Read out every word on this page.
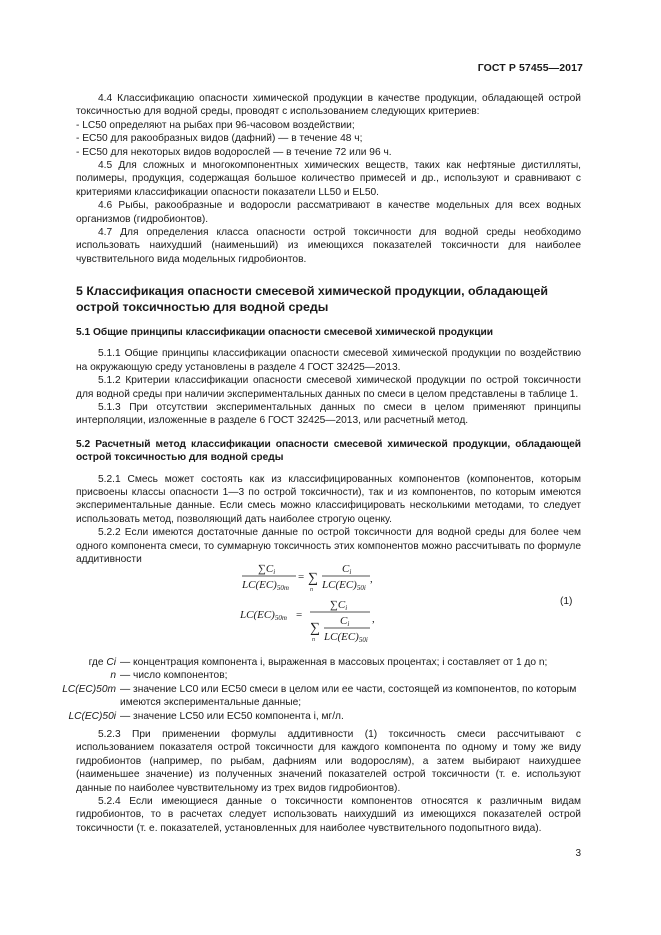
ГОСТ Р 57455—2017

4.4 Классификацию опасности химической продукции в качестве продукции, обладающей острой токсичностью для водной среды, проводят с использованием следующих критериев:

- LC50 определяют на рыбах при 96-часовом воздействии;

- EC50 для ракообразных видов (дафний) — в течение 48 ч;

- EC50 для некоторых видов водорослей — в течение 72 или 96 ч.

4.5 Для сложных и многокомпонентных химических веществ, таких как нефтяные дистилляты, полимеры, продукция, содержащая большое количество примесей и др., используют и сравнивают с критериями классификации опасности показатели LL50 и EL50.

4.6 Рыбы, ракообразные и водоросли рассматривают в качестве модельных для всех водных организмов (гидробионтов).

4.7 Для определения класса опасности острой токсичности для водной среды необходимо использовать наихудший (наименьший) из имеющихся показателей токсичности для наиболее чувствительного вида модельных гидробионтов.

5 Классификация опасности смесевой химической продукции, обладающей острой токсичностью для водной среды

5.1 Общие принципы классификации опасности смесевой химической продукции

5.1.1 Общие принципы классификации опасности смесевой химической продукции по воздействию на окружающую среду установлены в разделе 4 ГОСТ 32425—2013.

5.1.2 Критерии классификации опасности смесевой химической продукции по острой токсичности для водной среды при наличии экспериментальных данных по смеси в целом представлены в таблице 1.

5.1.3 При отсутствии экспериментальных данных по смеси в целом применяют принципы интерполяции, изложенные в разделе 6 ГОСТ 32425—2013, или расчетный метод.

5.2 Расчетный метод классификации опасности смесевой химической продукции, обладающей острой токсичностью для водной среды

5.2.1 Смесь может состоять как из классифицированных компонентов (компонентов, которым присвоены классы опасности 1—3 по острой токсичности), так и из компонентов, по которым имеются экспериментальные данные. Если смесь можно классифицировать несколькими методами, то следует использовать метод, позволяющий дать наиболее строгую оценку.

5.2.2 Если имеются достаточные данные по острой токсичности для водной среды для более чем одного компонента смеси, то суммарную токсичность этих компонентов можно рассчитывать по формуле аддитивности

∑Ci
LC(EC)50m
= ∑
n
Ci
LC(EC)50i
,
LC(EC)50m =
∑Ci
∑
n
Ci
LC(EC)50i
,
(1)
где Ci — концентрация компонента i, выраженная в массовых процентах; i составляет от 1 до n;
n — число компонентов;
LC(EC)50m — значение LC0 или EC50 смеси в целом или ее части, состоящей из компонентов, по которым имеются экспериментальные данные;
LC(EC)50i — значение LC50 или EC50 компонента i, мг/л.

5.2.3 При применении формулы аддитивности (1) токсичность смеси рассчитывают с использованием показателя острой токсичности для каждого компонента по одному и тому же виду гидробионтов (например, по рыбам, дафниям или водорослям), а затем выбирают наихудшее (наименьшее значение) из полученных значений показателей острой токсичности (т. е. используют данные по наиболее чувствительному из трех видов гидробионтов).

5.2.4 Если имеющиеся данные о токсичности компонентов относятся к различным видам гидробионтов, то в расчетах следует использовать наихудший из имеющихся показателей острой токсичности (т. е. показателей, установленных для наиболее чувствительного подопытного вида).

3
